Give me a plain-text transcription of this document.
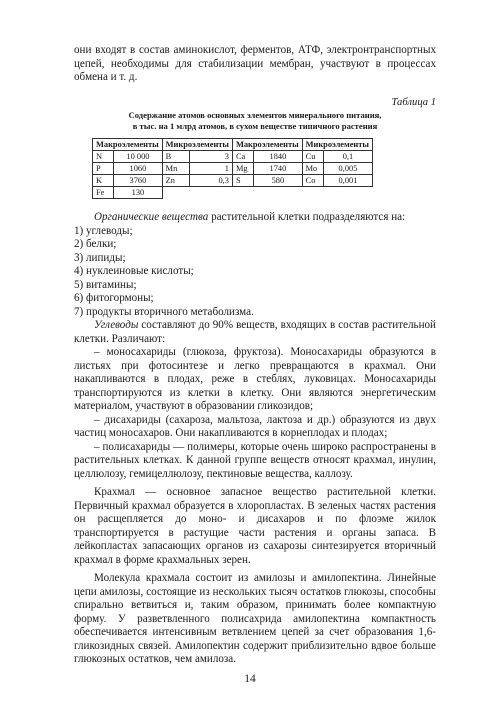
они входят в состав аминокислот, ферментов, АТФ, электронтранспортных цепей, необходимы для стабилизации мембран, участвуют в процессах обмена и т. д.

Таблица 1
Содержание атомов основных элементов минерального питания,
в тыс. на 1 млрд атомов, в сухом веществе типичного растения
Макроэлементы		Микроэлементы		Макроэлементы		Микроэлементы	
N	10 000	B	3	Ca	1840	Cu	0,1
P	1060	Mn	1	Mg	1740	Mo	0,005
K	3760	Zn	0,3	S	580	Co	0,001
Fe	130						

Органические вещества растительной клетки подразделяются на:

1) углеводы;

2) белки;

3) липиды;

4) нуклеиновые кислоты;

5) витамины;

6) фитогормоны;

7) продукты вторичного метаболизма.

Углеводы составляют до 90% веществ, входящих в состав растительной клетки. Различают:

– моносахариды (глюкоза, фруктоза). Моносахариды образуются в листьях при фотосинтезе и легко превращаются в крахмал. Они накапливаются в плодах, реже в стеблях, луковицах. Моносахариды транспортируются из клетки в клетку. Они являются энергетическим материалом, участвуют в образовании гликозидов;

– дисахариды (сахароза, мальтоза, лактоза и др.) образуются из двух частиц моносахаров. Они накапливаются в корнеплодах и плодах;

– полисахариды — полимеры, которые очень широко распространены в растительных клетках. К данной группе веществ относят крахмал, инулин, целлюлозу, гемицеллюлозу, пектиновые вещества, каллозу.

Крахмал — основное запасное вещество растительной клетки. Первичный крахмал образуется в хлоропластах. В зеленых частях растения он расщепляется до моно- и дисахаров и по флоэме жилок транспортируется в растущие части растения и органы запаса. В лейкопластах запасающих органов из сахарозы синтезируется вторичный крахмал в форме крахмальных зерен.

Молекула крахмала состоит из амилозы и амилопектина. Линейные цепи амилозы, состоящие из нескольких тысяч остатков глюкозы, способны спирально ветвиться и, таким образом, принимать более компактную форму. У разветвленного полисахрида амилопектина компактность обеспечивается интенсивным ветвлением цепей за счет образования 1,6-гликозидных связей. Амилопектин содержит приблизительно вдвое больше глюкозных остатков, чем амилоза.

14
